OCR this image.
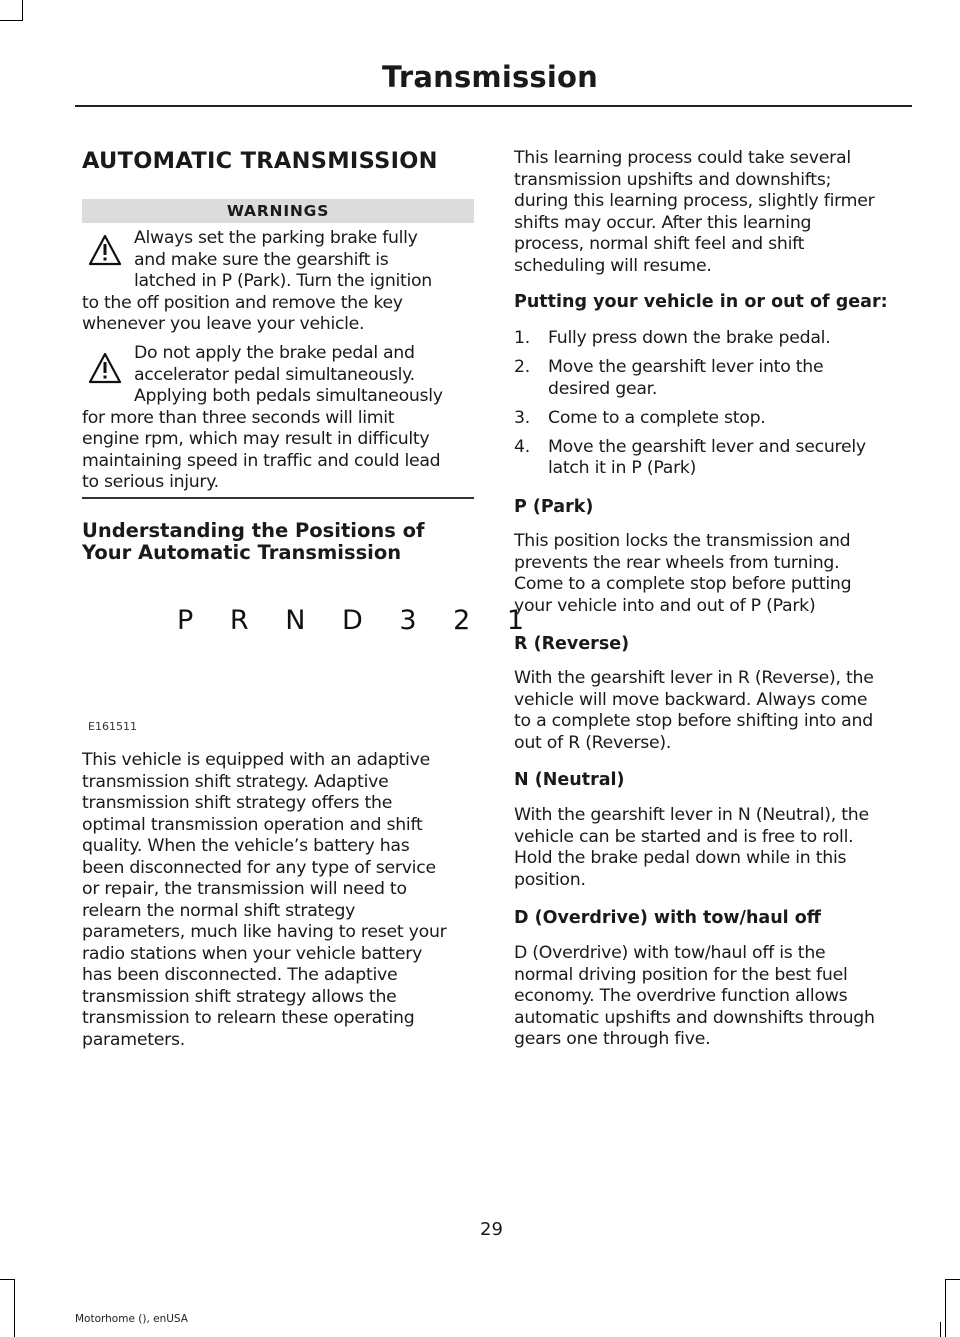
Transmission
AUTOMATIC TRANSMISSION
WARNINGS
Always set the parking brake fully
and make sure the gearshift is
latched in P (Park). Turn the ignition
to the off position and remove the key
whenever you leave your vehicle.
Do not apply the brake pedal and
accelerator pedal simultaneously.
Applying both pedals simultaneously
for more than three seconds will limit
engine rpm, which may result in difficulty
maintaining speed in traffic and could lead
to serious injury.
Understanding the Positions of
Your Automatic Transmission
P R N D 3 2 1
E161511
This vehicle is equipped with an adaptive
transmission shift strategy. Adaptive
transmission shift strategy offers the
optimal transmission operation and shift
quality. When the vehicle’s battery has
been disconnected for any type of service
or repair, the transmission will need to
relearn the normal shift strategy
parameters, much like having to reset your
radio stations when your vehicle battery
has been disconnected. The adaptive
transmission shift strategy allows the
transmission to relearn these operating
parameters.
This learning process could take several
transmission upshifts and downshifts;
during this learning process, slightly firmer
shifts may occur. After this learning
process, normal shift feel and shift
scheduling will resume.
Putting your vehicle in or out of gear:
1. Fully press down the brake pedal.
2. Move the gearshift lever into the
desired gear.
3. Come to a complete stop.
4. Move the gearshift lever and securely
latch it in P (Park)
P (Park)
This position locks the transmission and
prevents the rear wheels from turning.
Come to a complete stop before putting
your vehicle into and out of P (Park)
R (Reverse)
With the gearshift lever in R (Reverse), the
vehicle will move backward. Always come
to a complete stop before shifting into and
out of R (Reverse).
N (Neutral)
With the gearshift lever in N (Neutral), the
vehicle can be started and is free to roll.
Hold the brake pedal down while in this
position.
D (Overdrive) with tow/haul off
D (Overdrive) with tow/haul off is the
normal driving position for the best fuel
economy. The overdrive function allows
automatic upshifts and downshifts through
gears one through five.
29
Motorhome (), enUSA
